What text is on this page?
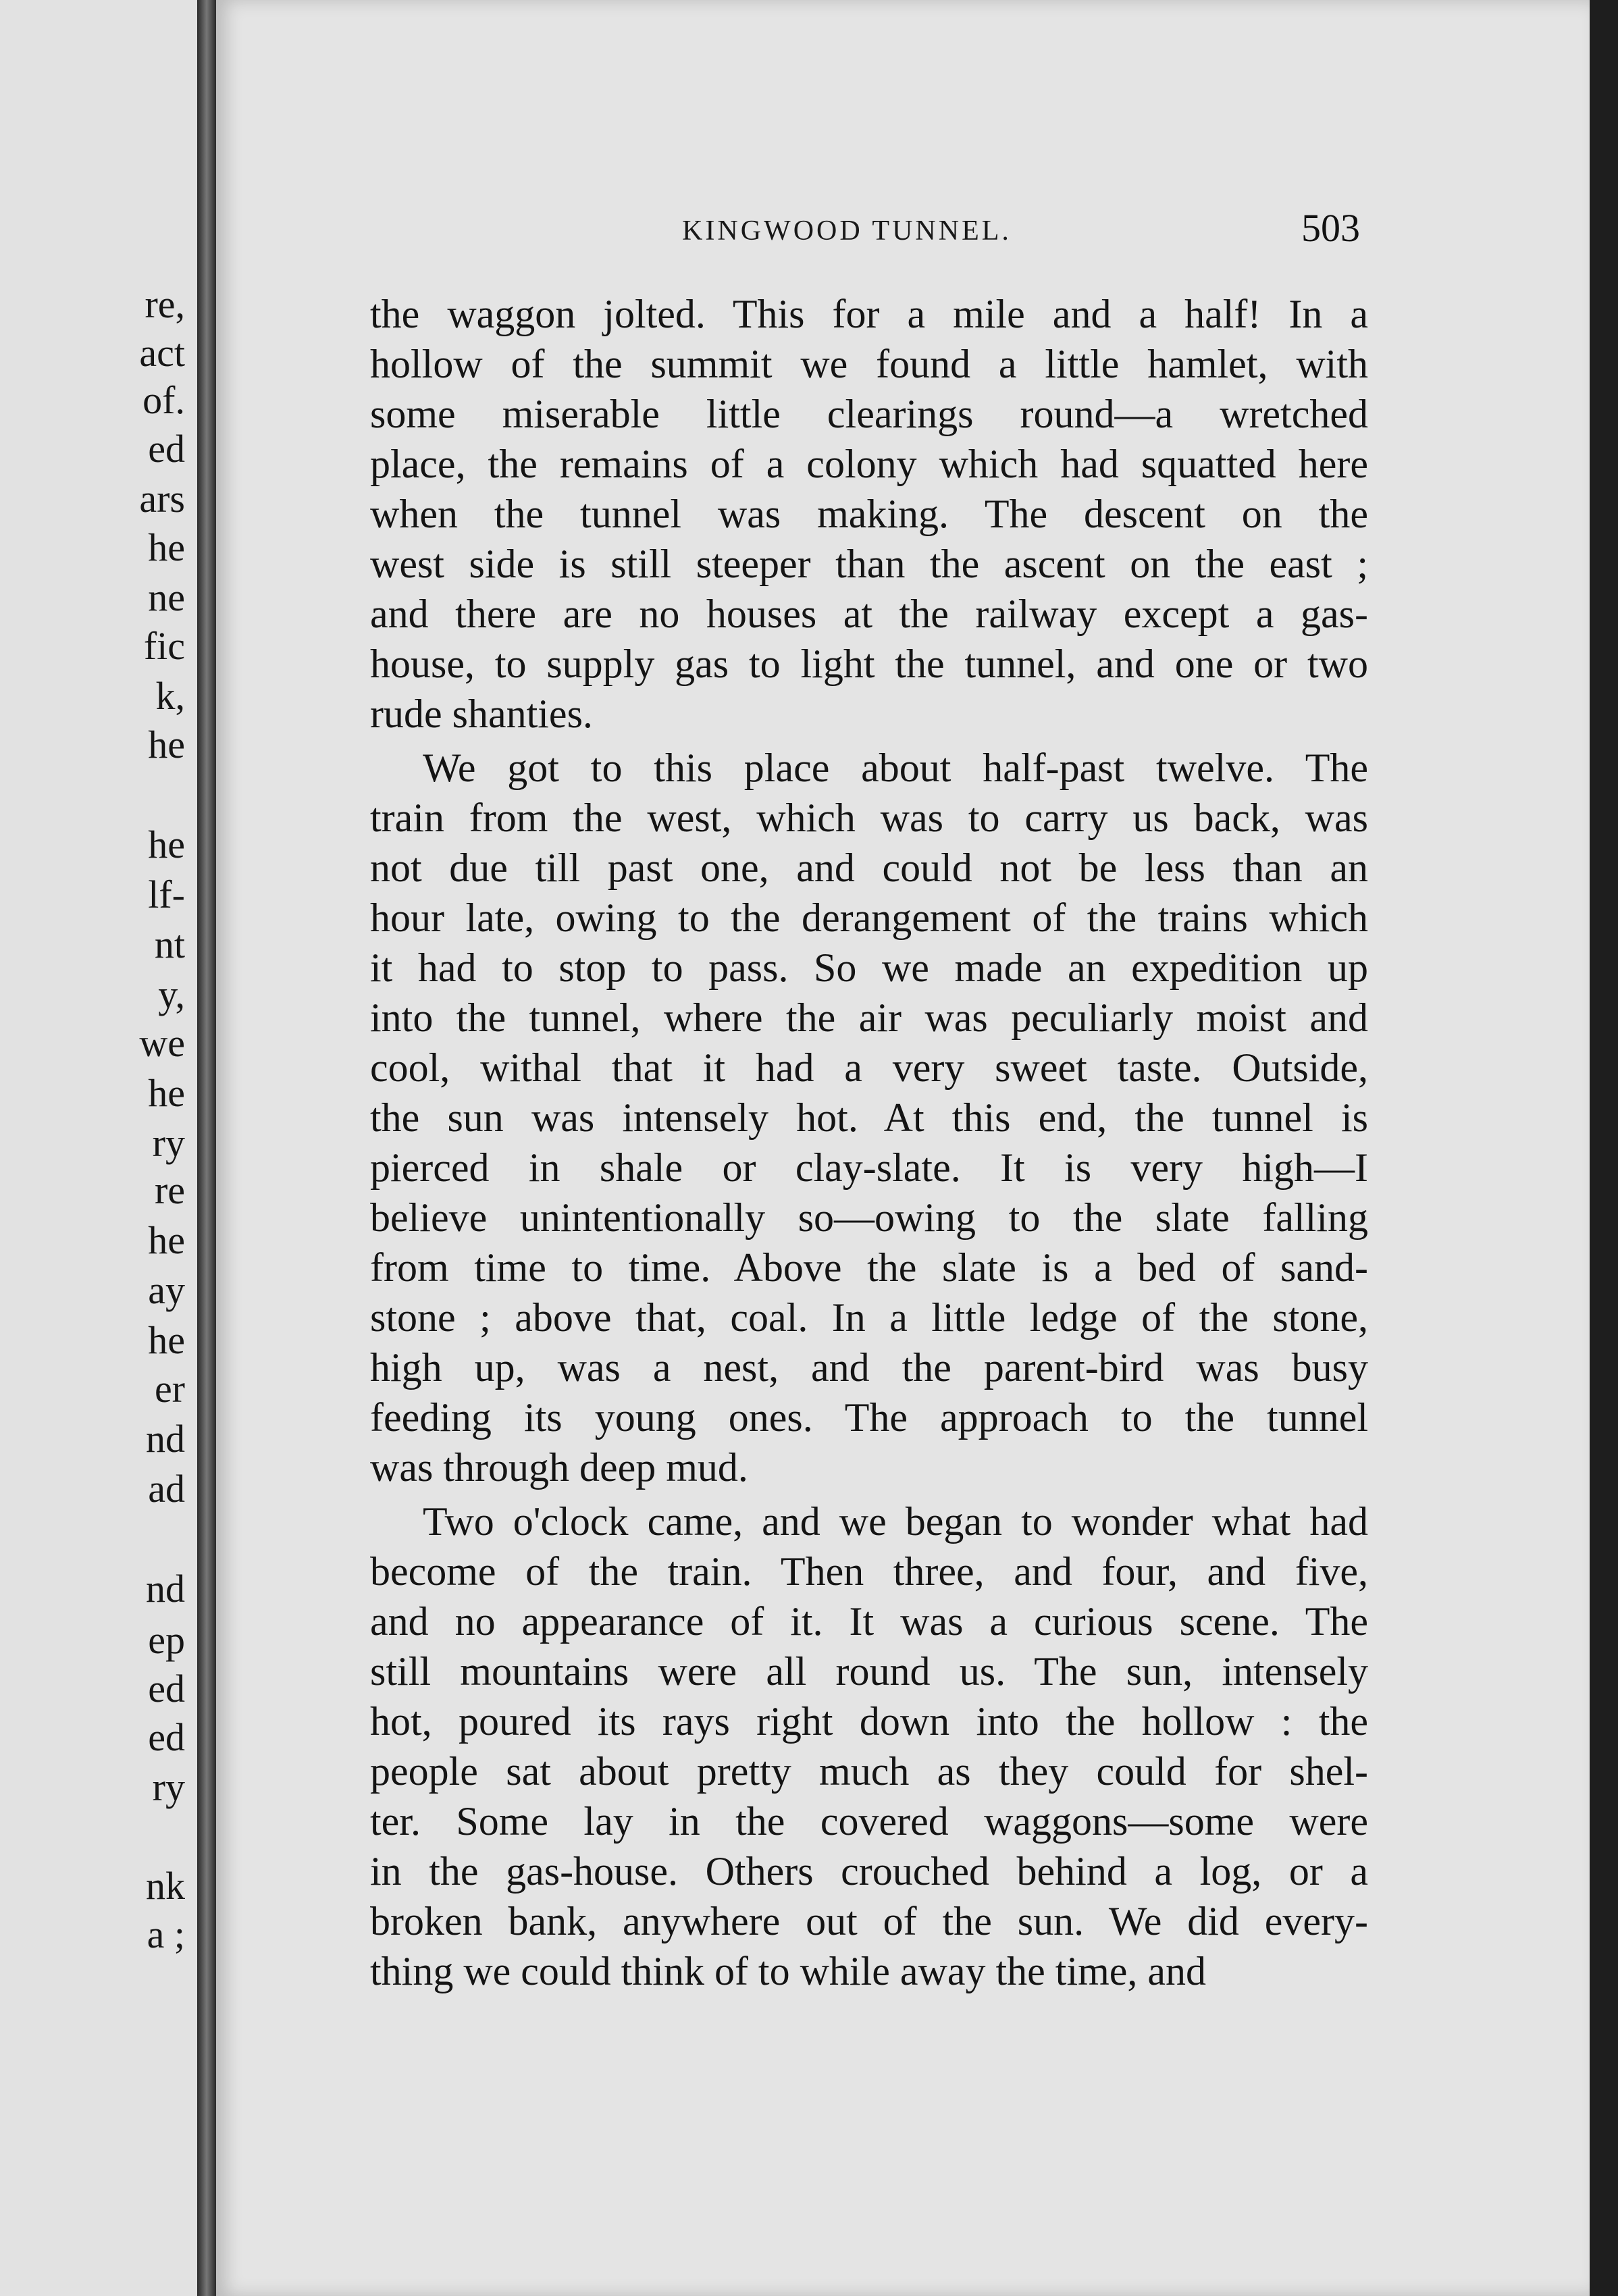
re,

act

of.

ed

ars

he

ne

fic

k,

he

he

lf-

nt

y,

we

he

ry

re

he

ay

he

er

nd

ad

nd

ep

ed

ed

ry

nk

a ;

KINGWOOD TUNNEL.	503
the waggon jolted. This for a mile and a half! In a
hollow of the summit we found a little hamlet, with
some miserable little clearings round—a wretched
place, the remains of a colony which had squatted here
when the tunnel was making. The descent on the
west side is still steeper than the ascent on the east ;
and there are no houses at the railway except a gas-
house, to supply gas to light the tunnel, and one or two
rude shanties.
We got to this place about half-past twelve. The
train from the west, which was to carry us back, was
not due till past one, and could not be less than an
hour late, owing to the derangement of the trains which
it had to stop to pass. So we made an expedition up
into the tunnel, where the air was peculiarly moist and
cool, withal that it had a very sweet taste. Outside,
the sun was intensely hot. At this end, the tunnel is
pierced in shale or clay-slate. It is very high—I
believe unintentionally so—owing to the slate falling
from time to time. Above the slate is a bed of sand-
stone ; above that, coal. In a little ledge of the stone,
high up, was a nest, and the parent-bird was busy
feeding its young ones. The approach to the tunnel
was through deep mud.
Two o'clock came, and we began to wonder what had
become of the train. Then three, and four, and five,
and no appearance of it. It was a curious scene. The
still mountains were all round us. The sun, intensely
hot, poured its rays right down into the hollow : the
people sat about pretty much as they could for shel-
ter. Some lay in the covered waggons—some were
in the gas-house. Others crouched behind a log, or a
broken bank, anywhere out of the sun. We did every-
thing we could think of to while away the time, and
